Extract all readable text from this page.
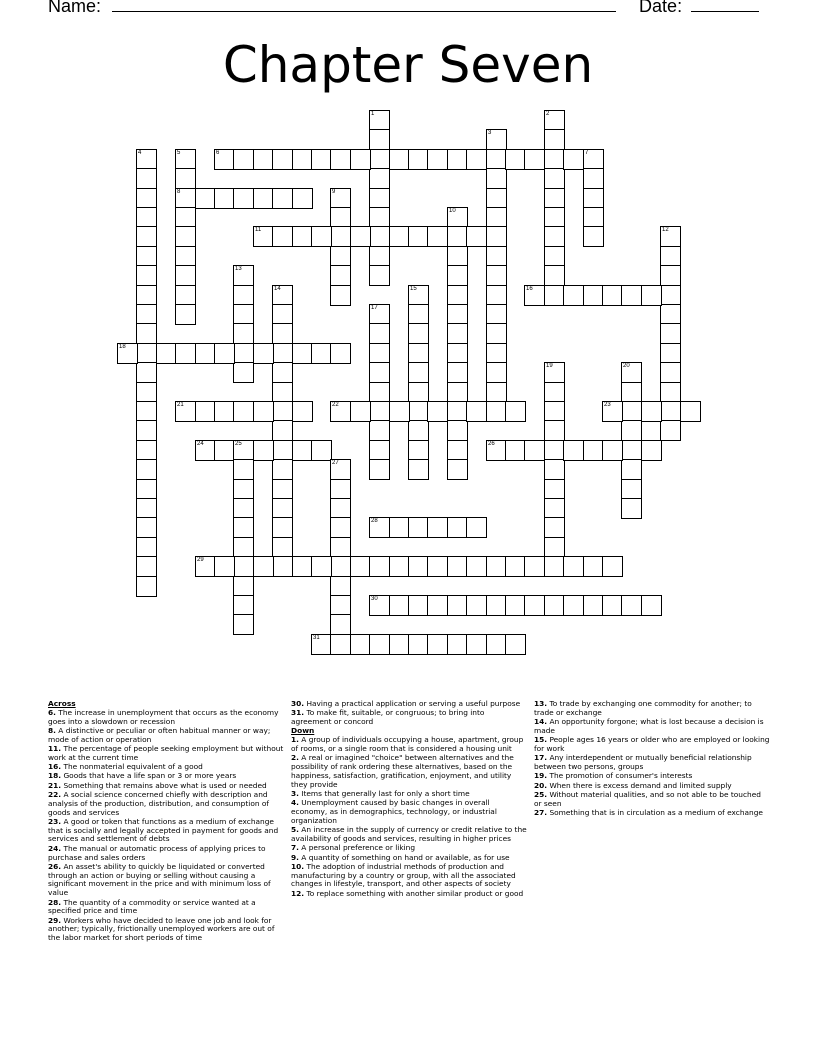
Name:	Date:
Chapter Seven
1	2
3
4	5
8
6	7
9
10
11	12
13
14	15	16
17
18
19	20
21	22	23
24	25	26
27
28
29
30
31
Across
6. The increase in unemployment that occurs as the economy goes into a slowdown or recession
8. A distinctive or peculiar or often habitual manner or way; mode of action or operation
11. The percentage of people seeking employment but without work at the current time
16. The nonmaterial equivalent of a good
18. Goods that have a life span or 3 or more years
21. Something that remains above what is used or needed
22. A social science concerned chiefly with description and analysis of the production, distribution, and consumption of goods and services
23. A good or token that functions as a medium of exchange that is socially and legally accepted in payment for goods and services and settlement of debts
24. The manual or automatic process of applying prices to purchase and sales orders
26. An asset's ability to quickly be liquidated or converted through an action or buying or selling without causing a significant movement in the price and with minimum loss of value
28. The quantity of a commodity or service wanted at a specified price and time
29. Workers who have decided to leave one job and look for another; typically, frictionally unemployed workers are out of the labor market for short periods of time
30. Having a practical application or serving a useful purpose
31. To make fit, suitable, or congruous; to bring into agreement or concord
Down
1. A group of individuals occupying a house, apartment, group of rooms, or a single room that is considered a housing unit
2. A real or imagined "choice" between alternatives and the possibility of rank ordering these alternatives, based on the happiness, satisfaction, gratification, enjoyment, and utility they provide
3. Items that generally last for only a short time
4. Unemployment caused by basic changes in overall economy, as in demographics, technology, or industrial organization
5. An increase in the supply of currency or credit relative to the availability of goods and services, resulting in higher prices
7. A personal preference or liking
9. A quantity of something on hand or available, as for use
10. The adoption of industrial methods of production and manufacturing by a country or group, with all the associated changes in lifestyle, transport, and other aspects of society
12. To replace something with another similar product or good
13. To trade by exchanging one commodity for another; to trade or exchange
14. An opportunity forgone; what is lost because a decision is made
15. People ages 16 years or older who are employed or looking for work
17. Any interdependent or mutually beneficial relationship between two persons, groups
19. The promotion of consumer's interests
20. When there is excess demand and limited supply
25. Without material qualities, and so not able to be touched or seen
27. Something that is in circulation as a medium of exchange
